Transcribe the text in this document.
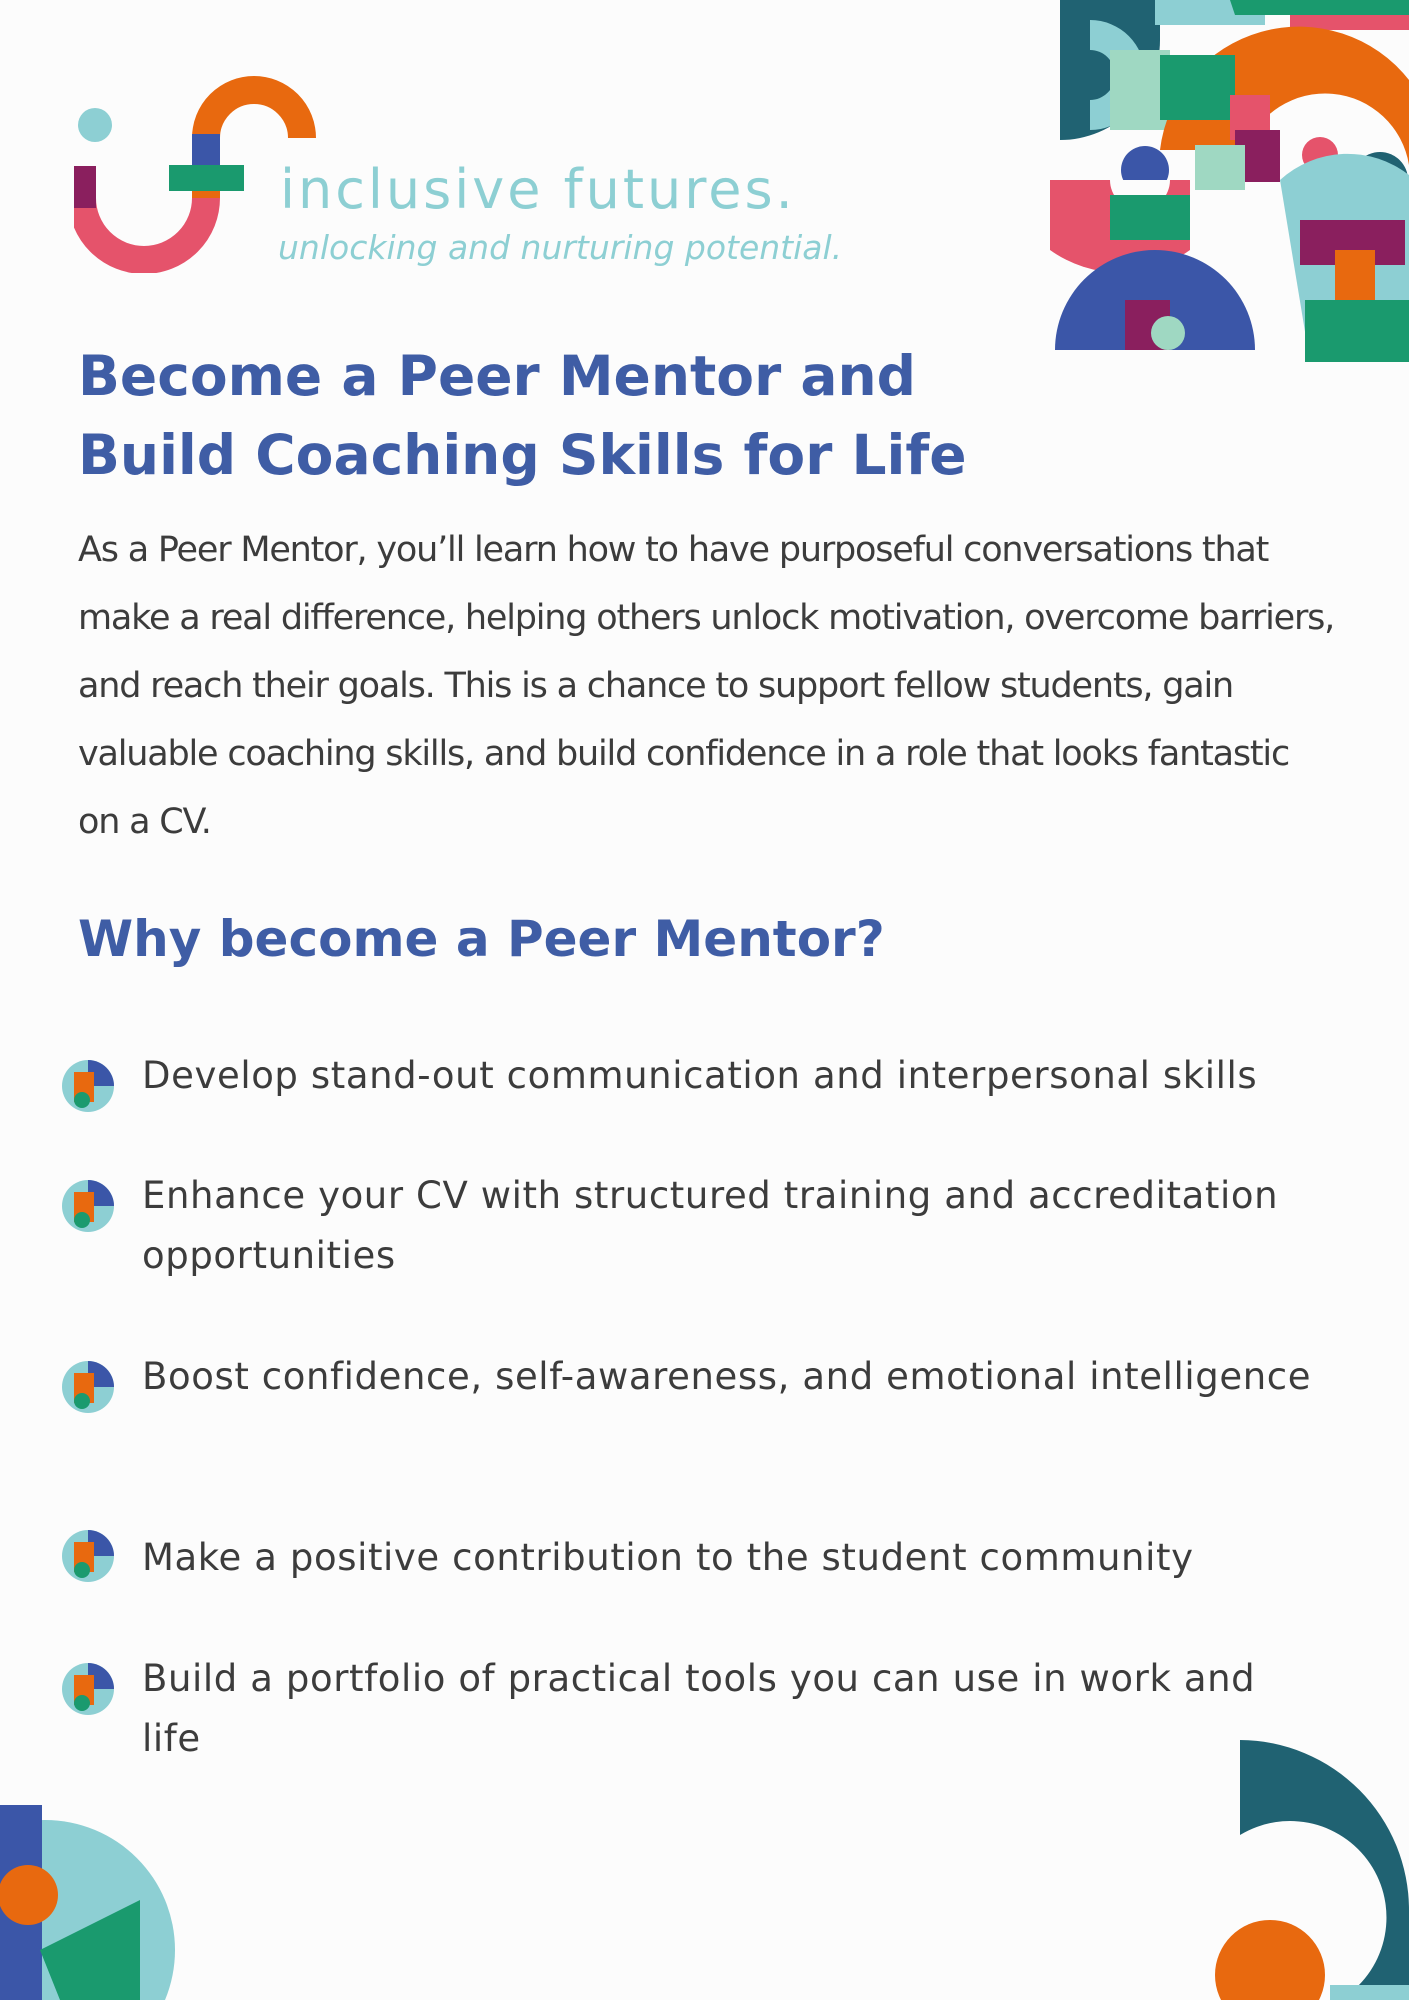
inclusive futures.
unlocking and nurturing potential.
Become a Peer Mentor and
Build Coaching Skills for Life

As a Peer Mentor, you’ll learn how to have purposeful conversations that make a real difference, helping others unlock motivation, overcome barriers, and reach their goals. This is a chance to support fellow students, gain valuable coaching skills, and build confidence in a role that looks fantastic on a CV.

Why become a Peer Mentor?

Develop stand-out communication and interpersonal skills

Enhance your CV with structured training and accreditation opportunities

Boost confidence, self-awareness, and emotional intelligence

Make a positive contribution to the student community

Build a portfolio of practical tools you can use in work and life
